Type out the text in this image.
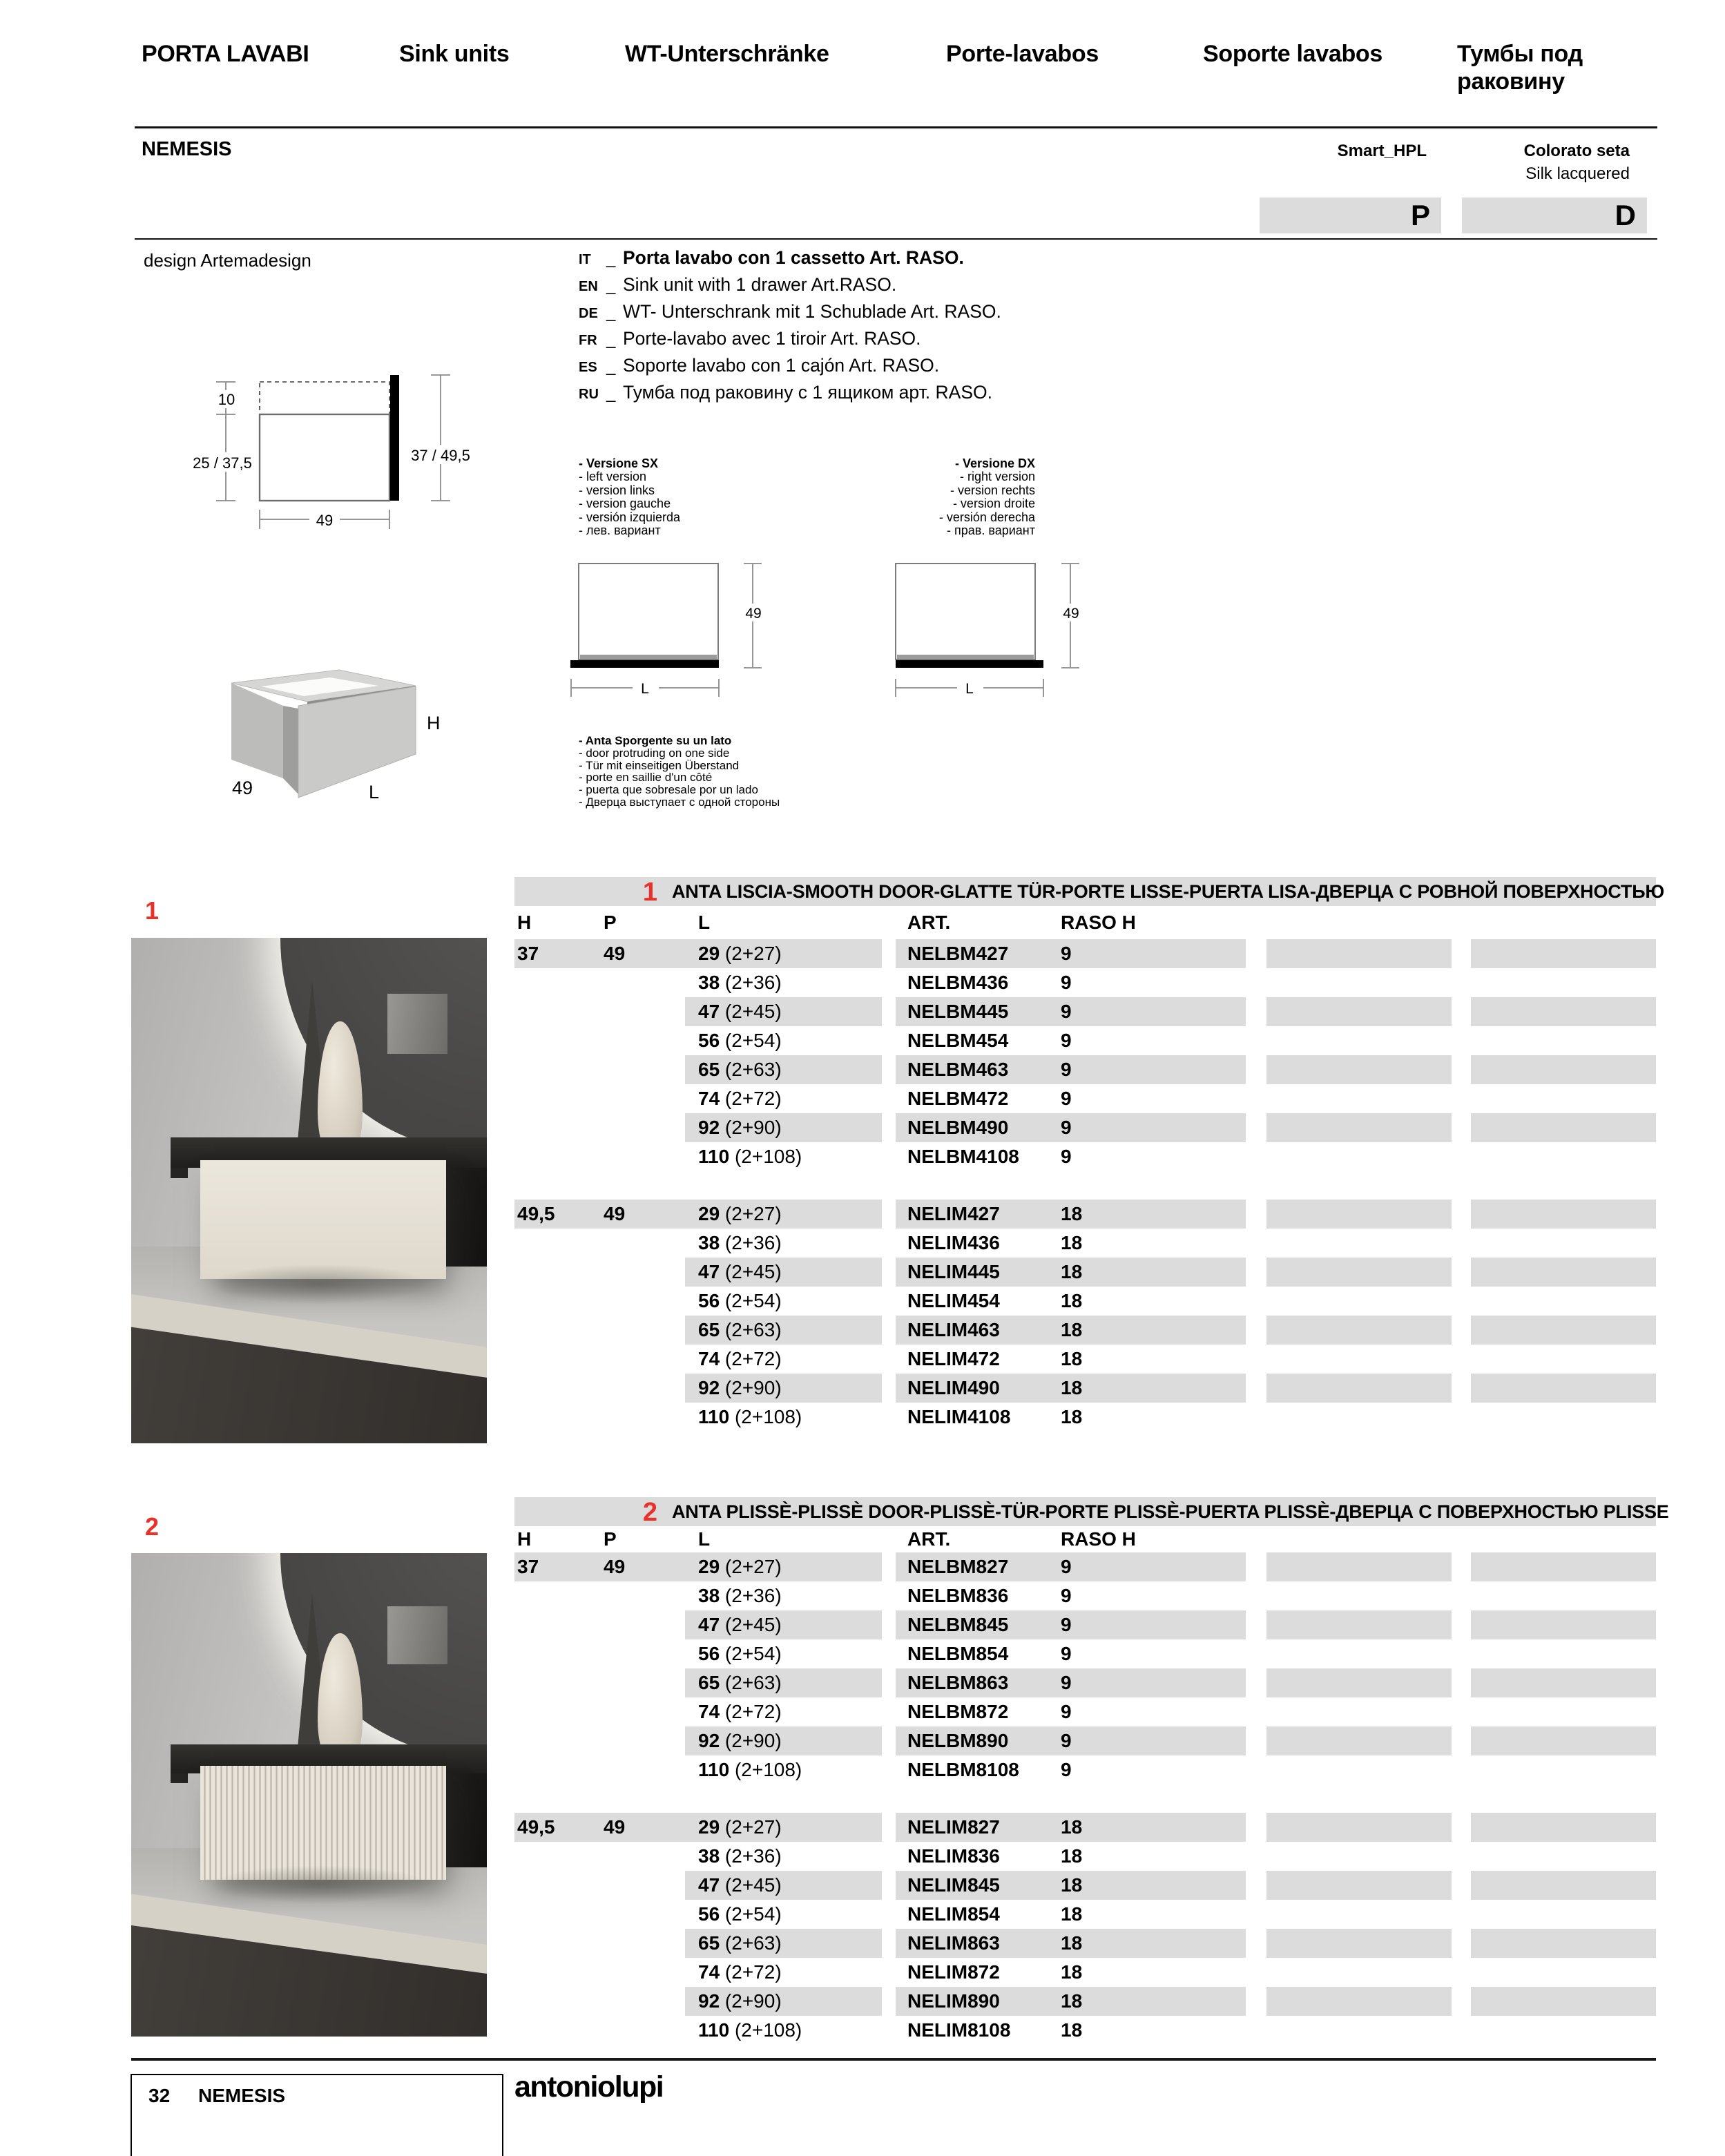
PORTA LAVABI	Sink units	WT-Unterschränke	Porte-lavabos	Soporte lavabos	Тумбы под раковину
NEMESIS	Smart_HPL	Colorato seta
Silk lacquered
P	D
design Artemadesign	IT _ Porta lavabo con 1 cassetto Art. RASO.
EN _ Sink unit with 1 drawer Art.RASO.
DE _ WT- Unterschrank mit 1 Schublade Art. RASO.
FR _ Porte-lavabo avec 1 tiroir Art. RASO.
ES _ Soporte lavabo con 1 cajón Art. RASO.
RU _ Тумба под раковину с 1 ящиком арт. RASO.
10
25 / 37,5	37 / 49,5
49
49	L
H
- Versione SX
- left version
- version links
- version gauche
- versión izquierda
- лев. вариант
- Versione DX
- right version
- version rechts
- version droite
- versión derecha
- прав. вариант
49
L
49
L
- Anta Sporgente su un lato
- door protruding on one side
- Tür mit einseitigen Überstand
- porte en saillie d'un côté
- puerta que sobresale por un lado
- Дверца выступает с одной стороны
1
2
1 ANTA LISCIA-SMOOTH DOOR-GLATTE TÜR-PORTE LISSE-PUERTA LISA-ДВЕРЦА С РОВНОЙ ПОВЕРХНОСТЬЮ
H	P	L	ART.	RASO H
37	49	29 (2+27)	NELBM427	9
38 (2+36)	NELBM436	9
47 (2+45)	NELBM445	9
56 (2+54)	NELBM454	9
65 (2+63)	NELBM463	9
74 (2+72)	NELBM472	9
92 (2+90)	NELBM490	9
110 (2+108)	NELBM4108 9
49,5	49	29 (2+27)	NELIM427	18
38 (2+36)	NELIM436	18
47 (2+45)	NELIM445	18
56 (2+54)	NELIM454	18
65 (2+63)	NELIM463	18
74 (2+72)	NELIM472	18
92 (2+90)	NELIM490	18
110 (2+108)	NELIM4108	18
2 ANTA PLISSÈ-PLISSÈ DOOR-PLISSÈ-TÜR-PORTE PLISSÈ-PUERTA PLISSÈ-ДВЕРЦА С ПОВЕРХНОСТЬЮ PLISSE
H	P	L	ART.	RASO H
37	49	29 (2+27)	NELBM827	9
38 (2+36)	NELBM836	9
47 (2+45)	NELBM845	9
56 (2+54)	NELBM854	9
65 (2+63)	NELBM863	9
74 (2+72)	NELBM872	9
92 (2+90)	NELBM890	9
110 (2+108)	NELBM8108 9
49,5	49	29 (2+27)	NELIM827	18
38 (2+36)	NELIM836	18
47 (2+45)	NELIM845	18
56 (2+54)	NELIM854	18
65 (2+63)	NELIM863	18
74 (2+72)	NELIM872	18
92 (2+90)	NELIM890	18
110 (2+108)	NELIM8108	18
32 NEMESIS	antoniolupi
